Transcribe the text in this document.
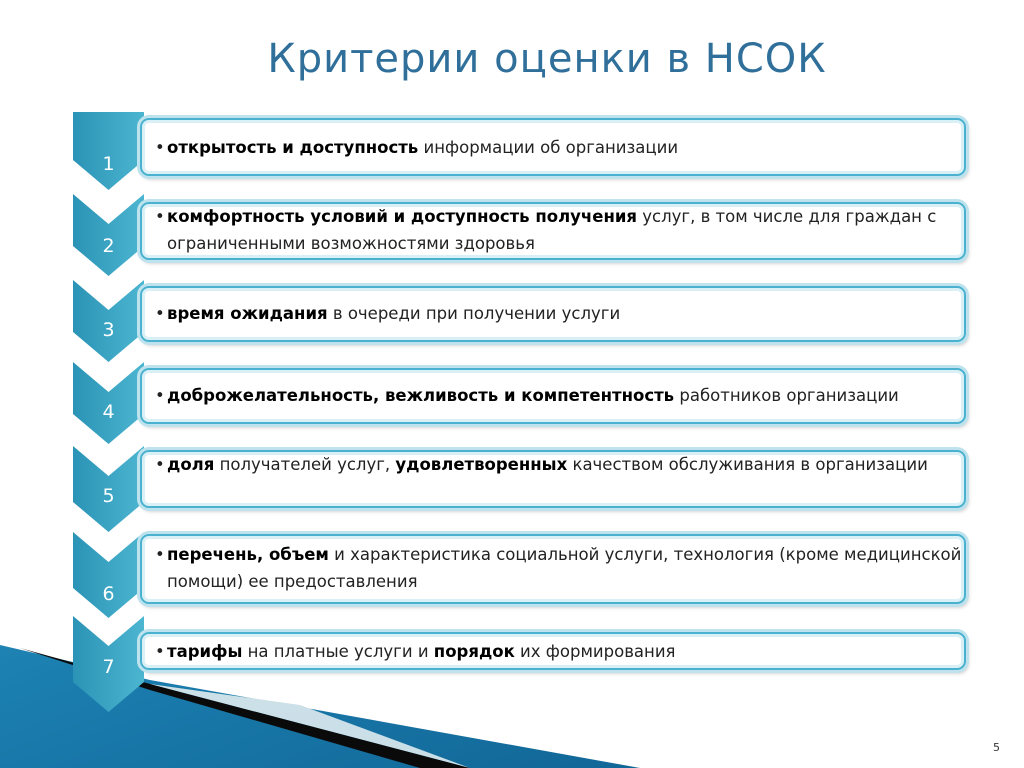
Критерии оценки в НСОК
1
2
3
4
5
6
7
• открытость и доступность информации об организации
• комфортность условий и доступность получения услуг, в том числе для граждан с ограниченными возможностями здоровья
• время ожидания в очереди при получении услуги
• доброжелательность, вежливость и компетентность работников организации
• доля получателей услуг, удовлетворенных качеством обслуживания в организации
• перечень, объем и характеристика социальной услуги, технология (кроме медицинской помощи) ее предоставления
• тарифы на платные услуги и порядок их формирования
5
